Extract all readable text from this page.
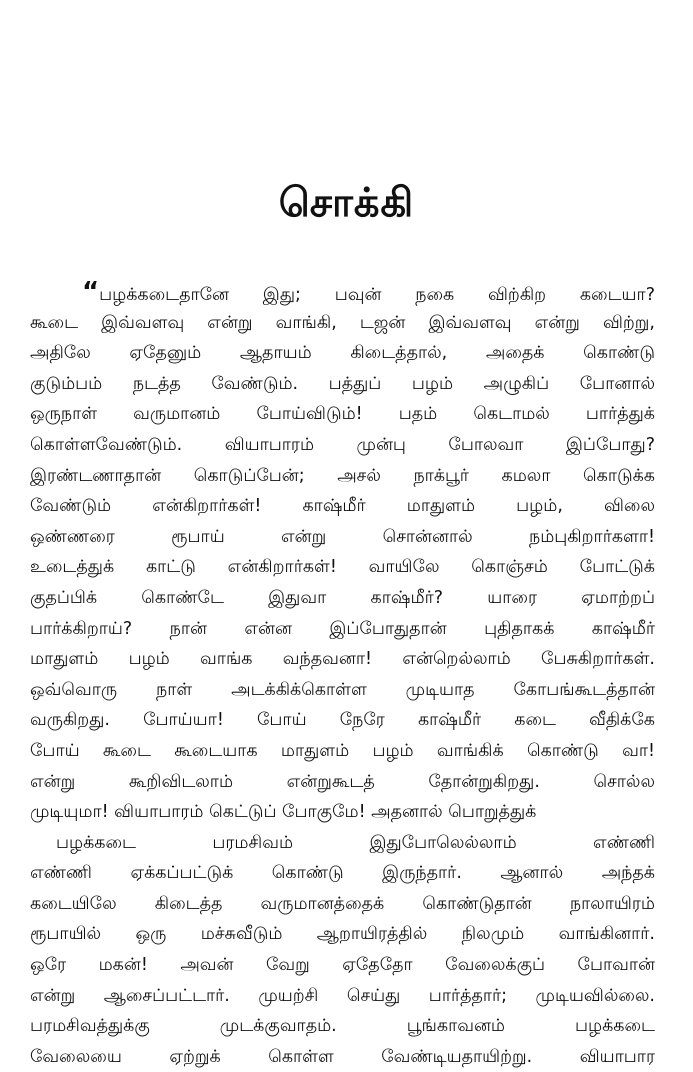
சொக்கி
“பழக்கடைதானே இது; பவுன் நகை விற்கிற கடையா?
கூடை இவ்வளவு என்று வாங்கி, டஜன் இவ்வளவு என்று விற்று,
அதிலே ஏதேனும் ஆதாயம் கிடைத்தால், அதைக் கொண்டு
குடும்பம் நடத்த வேண்டும். பத்துப் பழம் அழுகிப் போனால்
ஒருநாள் வருமானம் போய்விடும்! பதம் கெடாமல் பார்த்துக்
கொள்ளவேண்டும். வியாபாரம் முன்பு போலவா இப்போது?
இரண்டணாதான் கொடுப்பேன்; அசல் நாக்பூர் கமலா கொடுக்க
வேண்டும் என்கிறார்கள்! காஷ்மீர் மாதுளம் பழம், விலை
ஒண்ணரை ரூபாய் என்று சொன்னால் நம்புகிறார்களா!
உடைத்துக் காட்டு என்கிறார்கள்! வாயிலே கொஞ்சம் போட்டுக்
குதப்பிக் கொண்டே இதுவா காஷ்மீர்? யாரை ஏமாற்றப்
பார்க்கிறாய்? நான் என்ன இப்போதுதான் புதிதாகக் காஷ்மீர்
மாதுளம் பழம் வாங்க வந்தவனா! என்றெல்லாம் பேசுகிறார்கள்.
ஒவ்வொரு நாள் அடக்கிக்கொள்ள முடியாத கோபங்கூடத்தான்
வருகிறது. போய்யா! போய் நேரே காஷ்மீர் கடை வீதிக்கே
போய் கூடை கூடையாக மாதுளம் பழம் வாங்கிக் கொண்டு வா!
என்று கூறிவிடலாம் என்றுகூடத் தோன்றுகிறது. சொல்ல
முடியுமா! வியாபாரம் கெட்டுப் போகுமே! அதனால் பொறுத்துக்
பழக்கடை பரமசிவம் இதுபோலெல்லாம் எண்ணி
எண்ணி ஏக்கப்பட்டுக் கொண்டு இருந்தார். ஆனால் அந்தக்
கடையிலே கிடைத்த வருமானத்தைக் கொண்டுதான் நாலாயிரம்
ரூபாயில் ஒரு மச்சுவீடும் ஆறாயிரத்தில் நிலமும் வாங்கினார்.
ஒரே மகன்! அவன் வேறு ஏதேதோ வேலைக்குப் போவான்
என்று ஆசைப்பட்டார். முயற்சி செய்து பார்த்தார்; முடியவில்லை.
பரமசிவத்துக்கு முடக்குவாதம். பூங்காவனம் பழக்கடை
வேலையை ஏற்றுக் கொள்ள வேண்டியதாயிற்று. வியாபார
